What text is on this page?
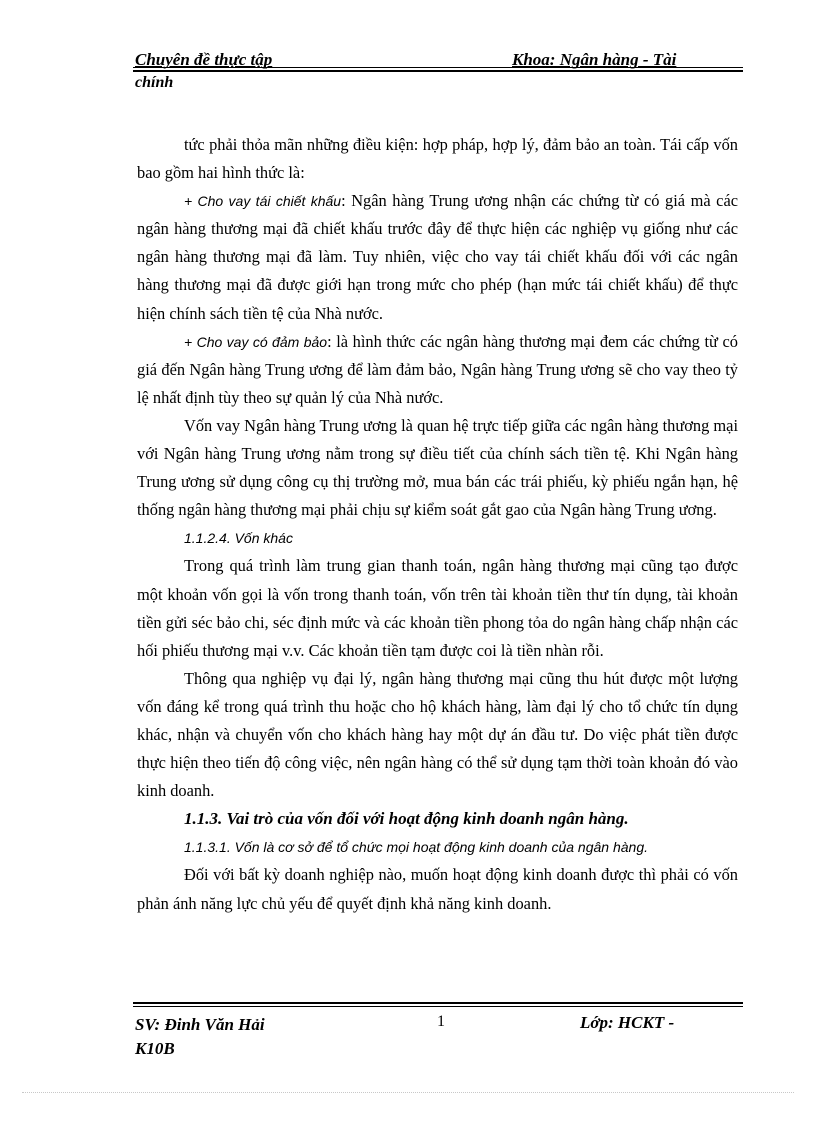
Chuyên đề thực tập	Khoa: Ngân hàng - Tài
chính

tức phải thỏa mãn những điều kiện: hợp pháp, hợp lý, đảm bảo an toàn. Tái cấp vốn bao gồm hai hình thức là:

+ Cho vay tái chiết khấu: Ngân hàng Trung ương nhận các chứng từ có giá mà các ngân hàng thương mại đã chiết khấu trước đây để thực hiện các nghiệp vụ giống như các ngân hàng thương mại đã làm. Tuy nhiên, việc cho vay tái chiết khấu đối với các ngân hàng thương mại đã được giới hạn trong mức cho phép (hạn mức tái chiết khấu) để thực hiện chính sách tiền tệ của Nhà nước.

+ Cho vay có đảm bảo: là hình thức các ngân hàng thương mại đem các chứng từ có giá đến Ngân hàng Trung ương để làm đảm bảo, Ngân hàng Trung ương sẽ cho vay theo tỷ lệ nhất định tùy theo sự quản lý của Nhà nước.

Vốn vay Ngân hàng Trung ương là quan hệ trực tiếp giữa các ngân hàng thương mại với Ngân hàng Trung ương nằm trong sự điều tiết của chính sách tiền tệ. Khi Ngân hàng Trung ương sử dụng công cụ thị trường mở, mua bán các trái phiếu, kỳ phiếu ngắn hạn, hệ thống ngân hàng thương mại phải chịu sự kiểm soát gắt gao của Ngân hàng Trung ương.

1.1.2.4. Vốn khác

Trong quá trình làm trung gian thanh toán, ngân hàng thương mại cũng tạo được một khoản vốn gọi là vốn trong thanh toán, vốn trên tài khoản tiền thư tín dụng, tài khoản tiền gửi séc bảo chi, séc định mức và các khoản tiền phong tỏa do ngân hàng chấp nhận các hối phiếu thương mại v.v. Các khoản tiền tạm được coi là tiền nhàn rỗi.

Thông qua nghiệp vụ đại lý, ngân hàng thương mại cũng thu hút được một lượng vốn đáng kể trong quá trình thu hoặc cho hộ khách hàng, làm đại lý cho tổ chức tín dụng khác, nhận và chuyển vốn cho khách hàng hay một dự án đầu tư. Do việc phát tiền được thực hiện theo tiến độ công việc, nên ngân hàng có thể sử dụng tạm thời toàn khoản đó vào kinh doanh.

1.1.3. Vai trò của vốn đối với hoạt động kinh doanh ngân hàng.

1.1.3.1. Vốn là cơ sở để tổ chức mọi hoạt động kinh doanh của ngân hàng.

Đối với bất kỳ doanh nghiệp nào, muốn hoạt động kinh doanh được thì phải có vốn phản ánh năng lực chủ yếu để quyết định khả năng kinh doanh.

SV: Đinh Văn Hải
K10B
1	Lớp: HCKT -
